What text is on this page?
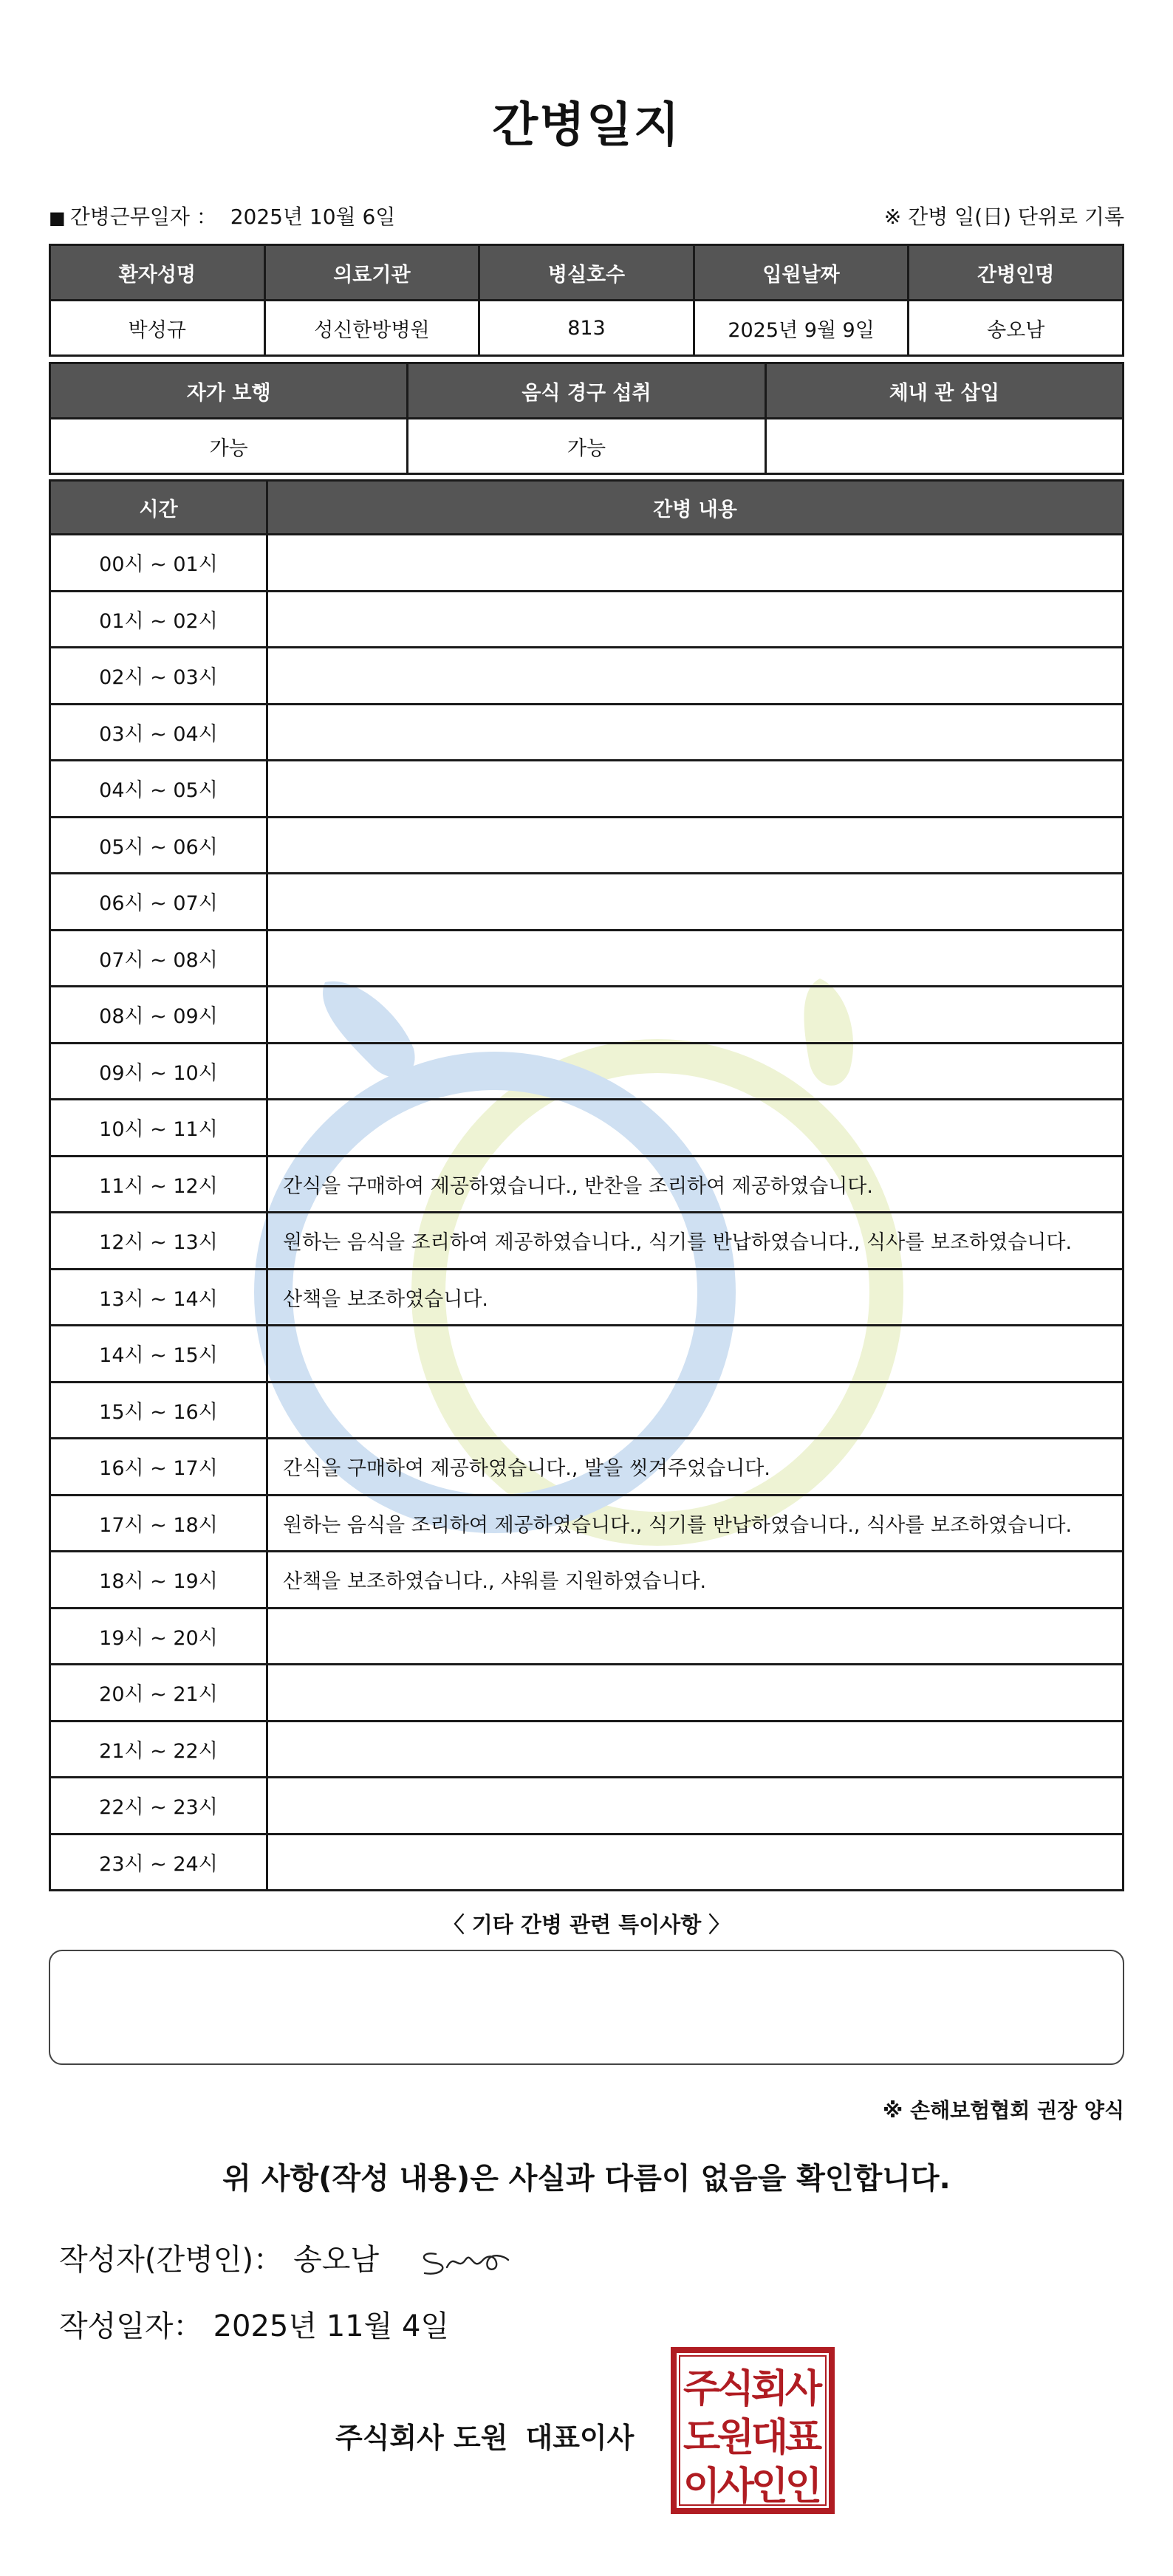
간병일지
■ 간병근무일자 ： 2025년 10월 6일	※ 간병 일(日) 단위로 기록
환자성명	의료기관	병실호수	입원날짜	간병인명
박성규	성신한방병원	813	2025년 9월 9일	송오남
자가 보행	음식 경구 섭취	체내 관 삽입
가능	가능	
시간	간병 내용
00시 ~ 01시	
01시 ~ 02시	
02시 ~ 03시	
03시 ~ 04시	
04시 ~ 05시	
05시 ~ 06시	
06시 ~ 07시	
07시 ~ 08시	
08시 ~ 09시	
09시 ~ 10시	
10시 ~ 11시	
11시 ~ 12시	간식을 구매하여 제공하였습니다., 반찬을 조리하여 제공하였습니다.
12시 ~ 13시	원하는 음식을 조리하여 제공하였습니다., 식기를 반납하였습니다., 식사를 보조하였습니다.
13시 ~ 14시	산책을 보조하였습니다.
14시 ~ 15시	
15시 ~ 16시	
16시 ~ 17시	간식을 구매하여 제공하였습니다., 발을 씻겨주었습니다.
17시 ~ 18시	원하는 음식을 조리하여 제공하였습니다., 식기를 반납하였습니다., 식사를 보조하였습니다.
18시 ~ 19시	산책을 보조하였습니다., 샤워를 지원하였습니다.
19시 ~ 20시	
20시 ~ 21시	
21시 ~ 22시	
22시 ~ 23시	
23시 ~ 24시	
〈 기타 간병 관련 특이사항 〉
※ 손해보험협회 권장 양식
위 사항(작성 내용)은 사실과 다름이 없음을 확인합니다.
작성자(간병인)： 송오남
작성일자： 2025년 11월 4일
주식회사 도원 대표이사
주
식
회
사
도
원
대
표
이
사
인
인
